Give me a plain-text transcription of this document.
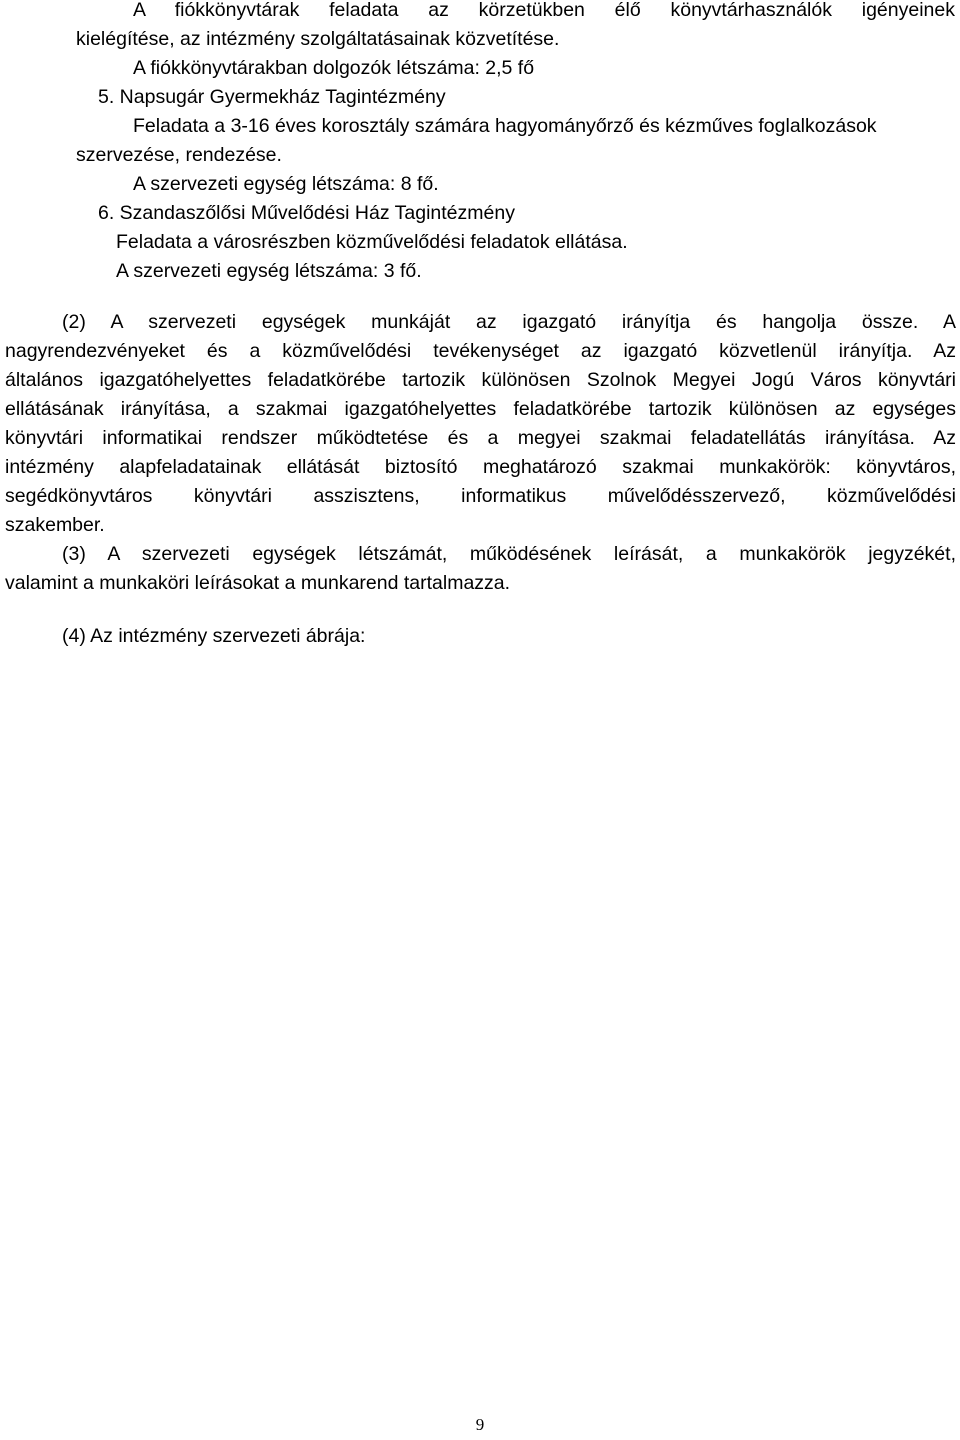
A fiókkönyvtárak feladata az körzetükben élő könyvtárhasználók igényeinek
kielégítése, az intézmény szolgáltatásainak közvetítése.
A fiókkönyvtárakban dolgozók létszáma: 2,5 fő
5. Napsugár Gyermekház Tagintézmény
Feladata a 3-16 éves korosztály számára hagyományőrző és kézműves foglalkozások
szervezése, rendezése.
A szervezeti egység létszáma: 8 fő.
6. Szandaszőlősi Művelődési Ház Tagintézmény
Feladata a városrészben közművelődési feladatok ellátása.
A szervezeti egység létszáma: 3 fő.
(2) A szervezeti egységek munkáját az igazgató irányítja és hangolja össze. A
nagyrendezvényeket és a közművelődési tevékenységet az igazgató közvetlenül irányítja. Az
általános igazgatóhelyettes feladatkörébe tartozik különösen Szolnok Megyei Jogú Város könyvtári
ellátásának irányítása, a szakmai igazgatóhelyettes feladatkörébe tartozik különösen az egységes
könyvtári informatikai rendszer működtetése és a megyei szakmai feladatellátás irányítása. Az
intézmény alapfeladatainak ellátását biztosító meghatározó szakmai munkakörök: könyvtáros,
segédkönyvtáros könyvtári asszisztens, informatikus művelődésszervező, közművelődési
szakember.
(3) A szervezeti egységek létszámát, működésének leírását, a munkakörök jegyzékét,
valamint a munkaköri leírásokat a munkarend tartalmazza.
(4) Az intézmény szervezeti ábrája:
9
